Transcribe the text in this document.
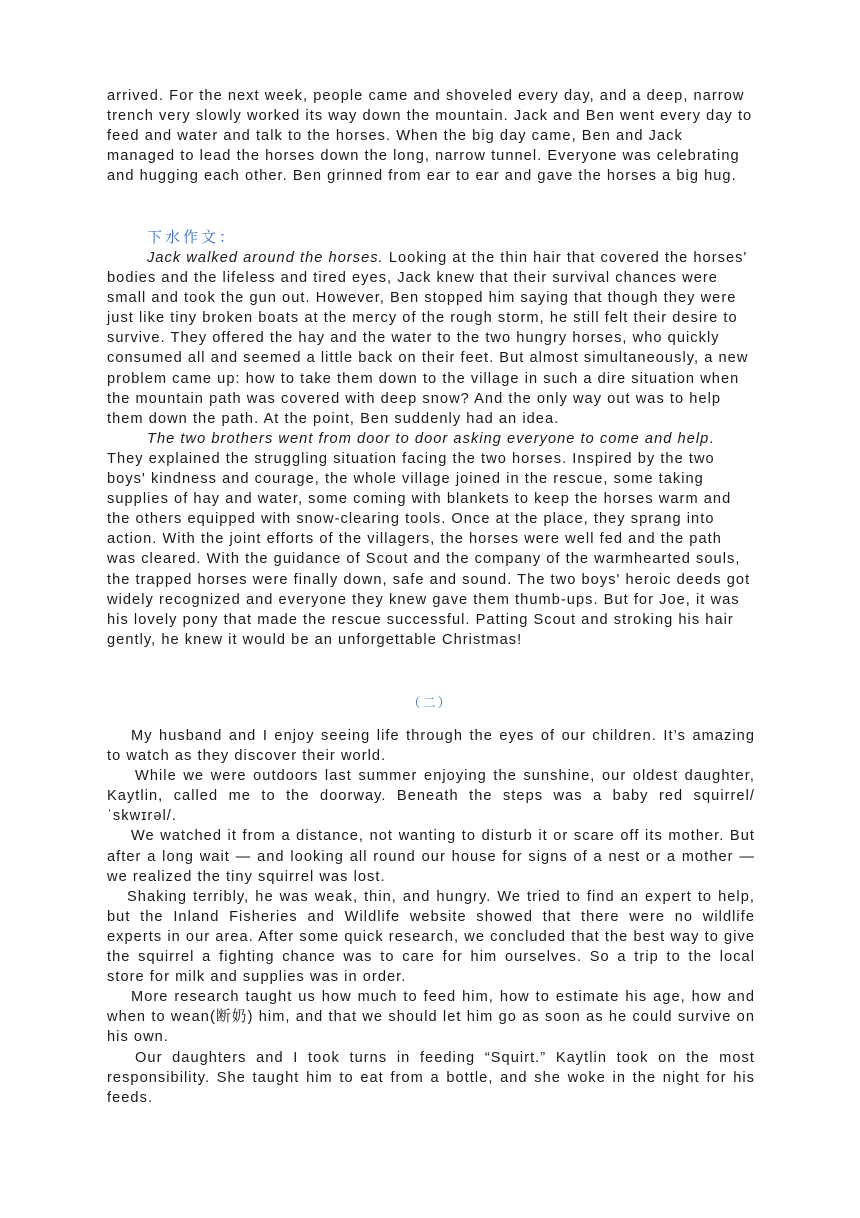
arrived. For the next week, people came and shoveled every day, and a deep, narrow trench very slowly worked its way down the mountain. Jack and Ben went every day to feed and water and talk to the horses. When the big day came, Ben and Jack managed to lead the horses down the long, narrow tunnel. Everyone was celebrating and hugging each other. Ben grinned from ear to ear and gave the horses a big hug.

下水作文：

Jack walked around the horses. Looking at the thin hair that covered the horses' bodies and the lifeless and tired eyes, Jack knew that their survival chances were small and took the gun out. However, Ben stopped him saying that though they were just like tiny broken boats at the mercy of the rough storm, he still felt their desire to survive. They offered the hay and the water to the two hungry horses, who quickly consumed all and seemed a little back on their feet. But almost simultaneously, a new problem came up: how to take them down to the village in such a dire situation when the mountain path was covered with deep snow? And the only way out was to help them down the path. At the point, Ben suddenly had an idea.

The two brothers went from door to door asking everyone to come and help. They explained the struggling situation facing the two horses. Inspired by the two boys' kindness and courage, the whole village joined in the rescue, some taking supplies of hay and water, some coming with blankets to keep the horses warm and the others equipped with snow-clearing tools. Once at the place, they sprang into action. With the joint efforts of the villagers, the horses were well fed and the path was cleared. With the guidance of Scout and the company of the warmhearted souls, the trapped horses were finally down, safe and sound. The two boys' heroic deeds got widely recognized and everyone they knew gave them thumb-ups. But for Joe, it was his lovely pony that made the rescue successful. Patting Scout and stroking his hair gently, he knew it would be an unforgettable Christmas!

（二）

My husband and I enjoy seeing life through the eyes of our children. It’s amazing to watch as they discover their world.

While we were outdoors last summer enjoying the sunshine, our oldest daughter, Kaytlin, called me to the doorway. Beneath the steps was a baby red squirrel/ˈskwɪrəl/.

We watched it from a distance, not wanting to disturb it or scare off its mother. But after a long wait — and looking all round our house for signs of a nest or a mother — we realized the tiny squirrel was lost.

Shaking terribly, he was weak, thin, and hungry. We tried to find an expert to help, but the Inland Fisheries and Wildlife website showed that there were no wildlife experts in our area. After some quick research, we concluded that the best way to give the squirrel a fighting chance was to care for him ourselves. So a trip to the local store for milk and supplies was in order.

More research taught us how much to feed him, how to estimate his age, how and when to wean(断奶) him, and that we should let him go as soon as he could survive on his own.

Our daughters and I took turns in feeding “Squirt.” Kaytlin took on the most responsibility. She taught him to eat from a bottle, and she woke in the night for his feeds.
